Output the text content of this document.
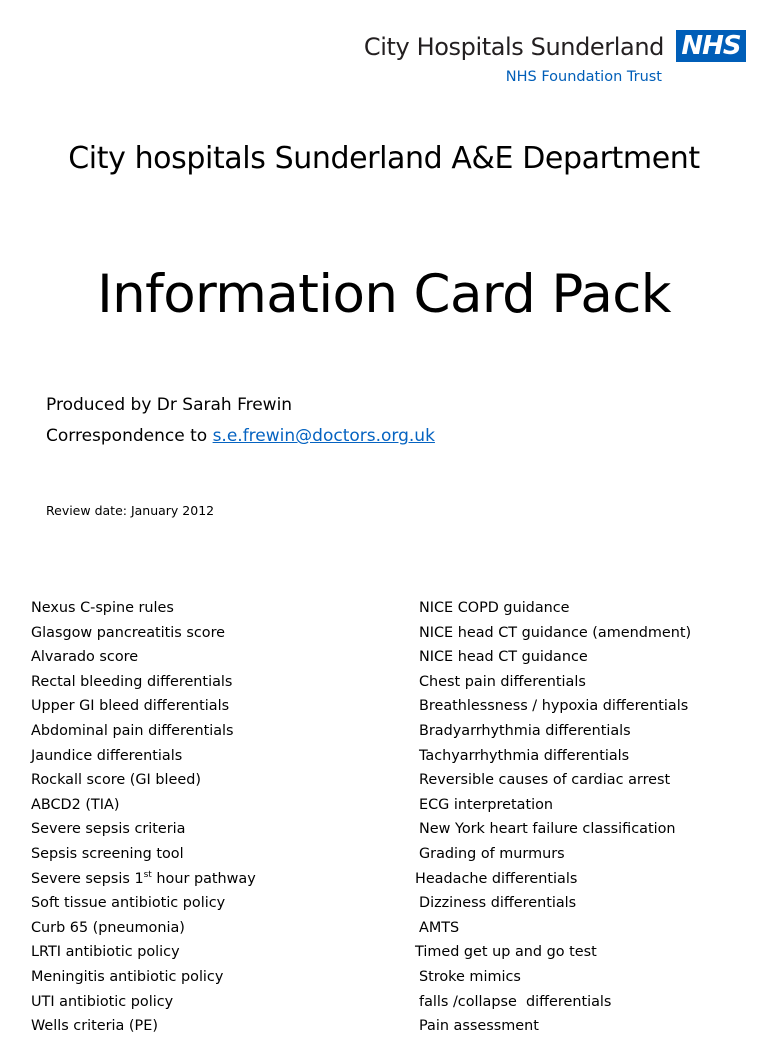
City Hospitals Sunderland
NHS Foundation Trust
NHS
City hospitals Sunderland A&E Department
Information Card Pack
Produced by Dr Sarah Frewin
Correspondence to s.e.frewin@doctors.org.uk
Review date: January 2012
Nexus C-spine rules
Glasgow pancreatitis score
Alvarado score
Rectal bleeding differentials
Upper GI bleed differentials
Abdominal pain differentials
Jaundice differentials
Rockall score (GI bleed)
ABCD2 (TIA)
Severe sepsis criteria
Sepsis screening tool
Severe sepsis 1st hour pathway
Soft tissue antibiotic policy
Curb 65 (pneumonia)
LRTI antibiotic policy
Meningitis antibiotic policy
UTI antibiotic policy
Wells criteria (PE)
NICE COPD guidance
NICE head CT guidance (amendment)
NICE head CT guidance
Chest pain differentials
Breathlessness / hypoxia differentials
Bradyarrhythmia differentials
Tachyarrhythmia differentials
Reversible causes of cardiac arrest
ECG interpretation
New York heart failure classification
Grading of murmurs
Headache differentials
Dizziness differentials
AMTS
Timed get up and go test
Stroke mimics
falls /collapse  differentials
Pain assessment
